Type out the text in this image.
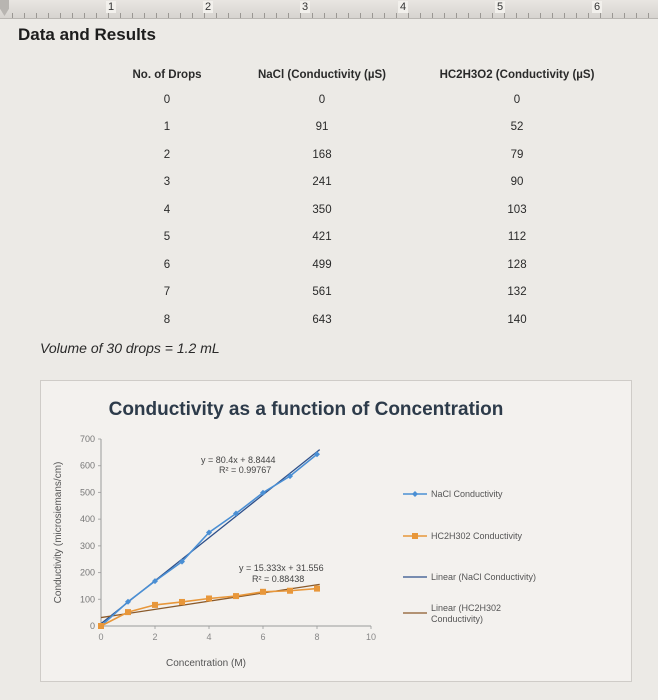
1	2	3	4	5	6
Data and Results
No. of Drops	NaCl (Conductivity (µS)	HC2H3O2 (Conductivity (µS)
0	0	0
1	91	52
2	168	79
3	241	90
4	350	103
5	421	112
6	499	128
7	561	132
8	643	140
Volume of 30 drops = 1.2 mL
Conductivity as a function of Concentration
0
100
200
300
400
500
600
700
0	2	4	6	8	10
Concentration (M)
Conductivity (microsiemans/cm)
y = 80.4x + 8.8444
R² = 0.99767
y = 15.333x + 31.556
R² = 0.88438
NaCl Conductivity
HC2H302 Conductivity
Linear (NaCl Conductivity)
Linear (HC2H302
Conductivity)
